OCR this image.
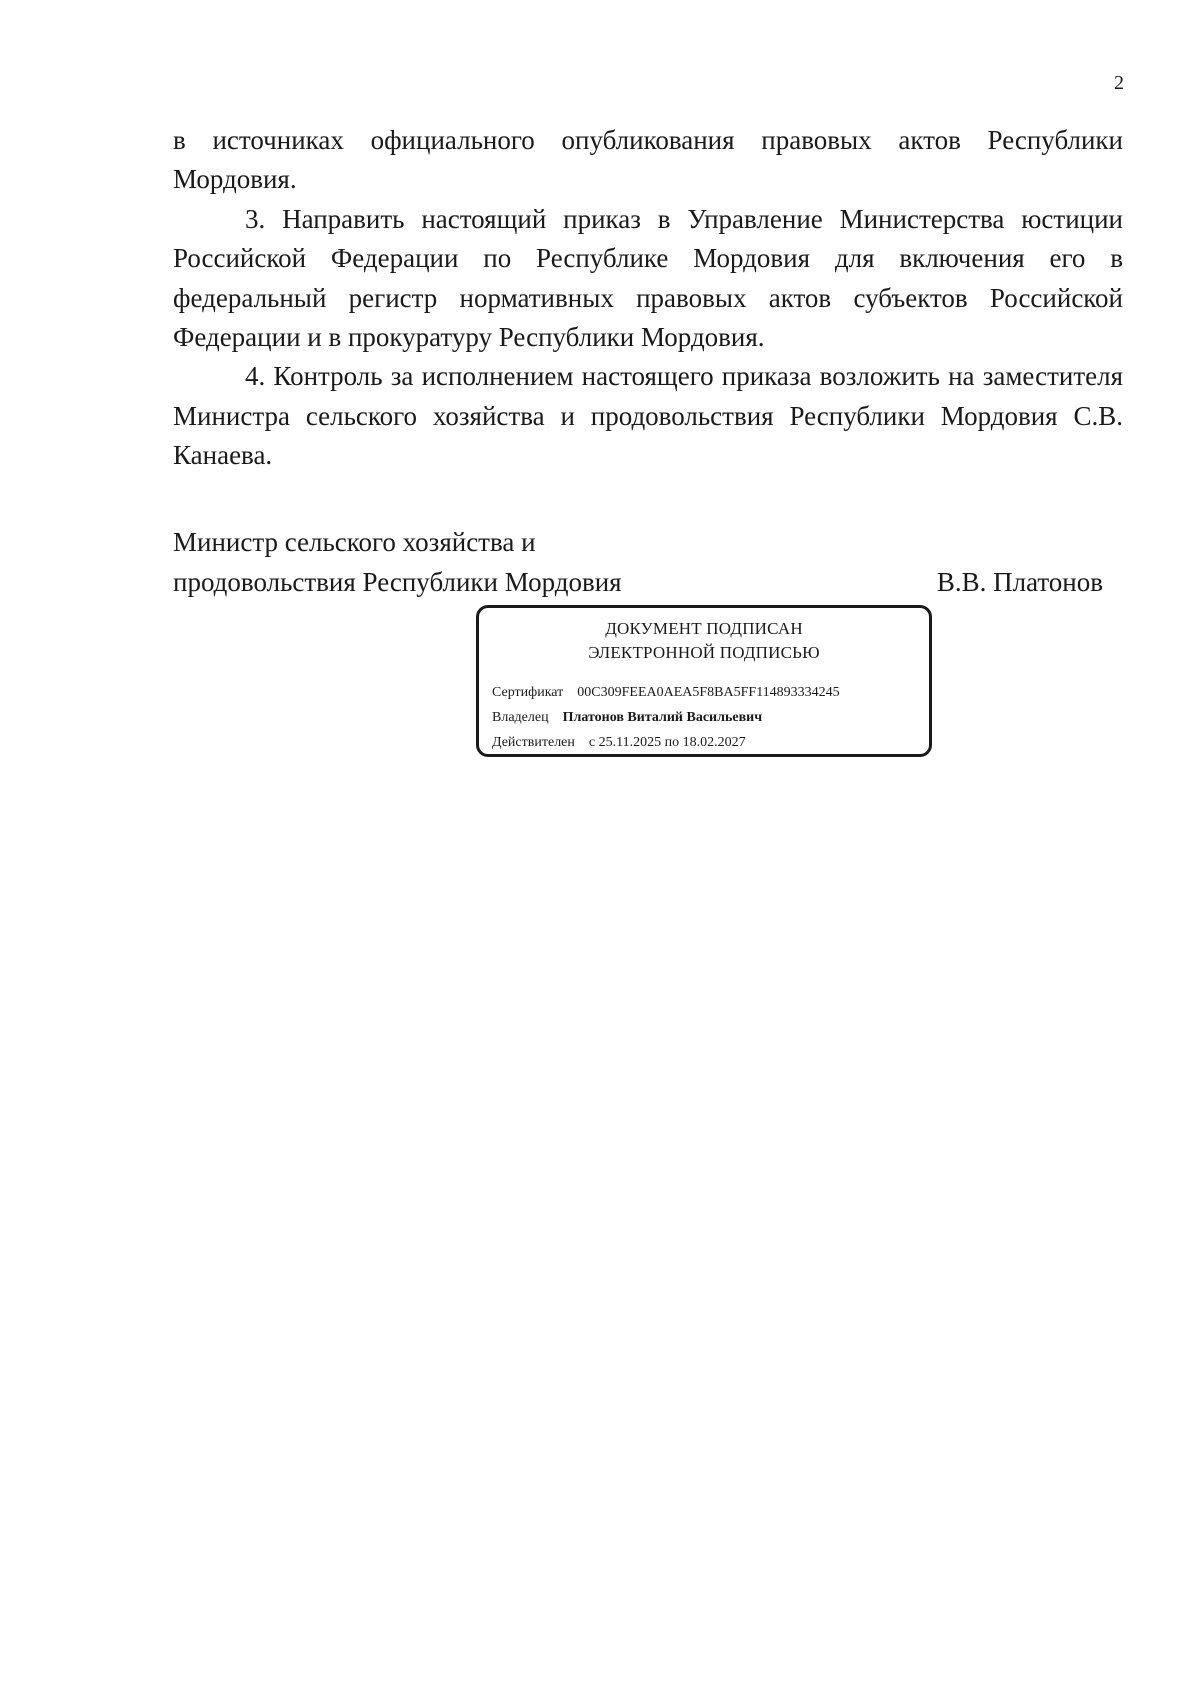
2

в источниках официального опубликования правовых актов Республики Мордовия.

3. Направить настоящий приказ в Управление Министерства юстиции Российской Федерации по Республике Мордовия для включения его в федеральный регистр нормативных правовых актов субъектов Российской Федерации и в прокуратуру Республики Мордовия.

4. Контроль за исполнением настоящего приказа возложить на заместителя Министра сельского хозяйства и продовольствия Республики Мордовия С.В. Канаева.

Министр сельского хозяйства и
продовольствия Республики Мордовия	В.В. Платонов
ДОКУМЕНТ ПОДПИСАН
ЭЛЕКТРОННОЙ ПОДПИСЬЮ
Сертификат 00C309FEEA0AEA5F8BA5FF114893334245
Владелец Платонов Виталий Васильевич
Действителен с 25.11.2025 по 18.02.2027
